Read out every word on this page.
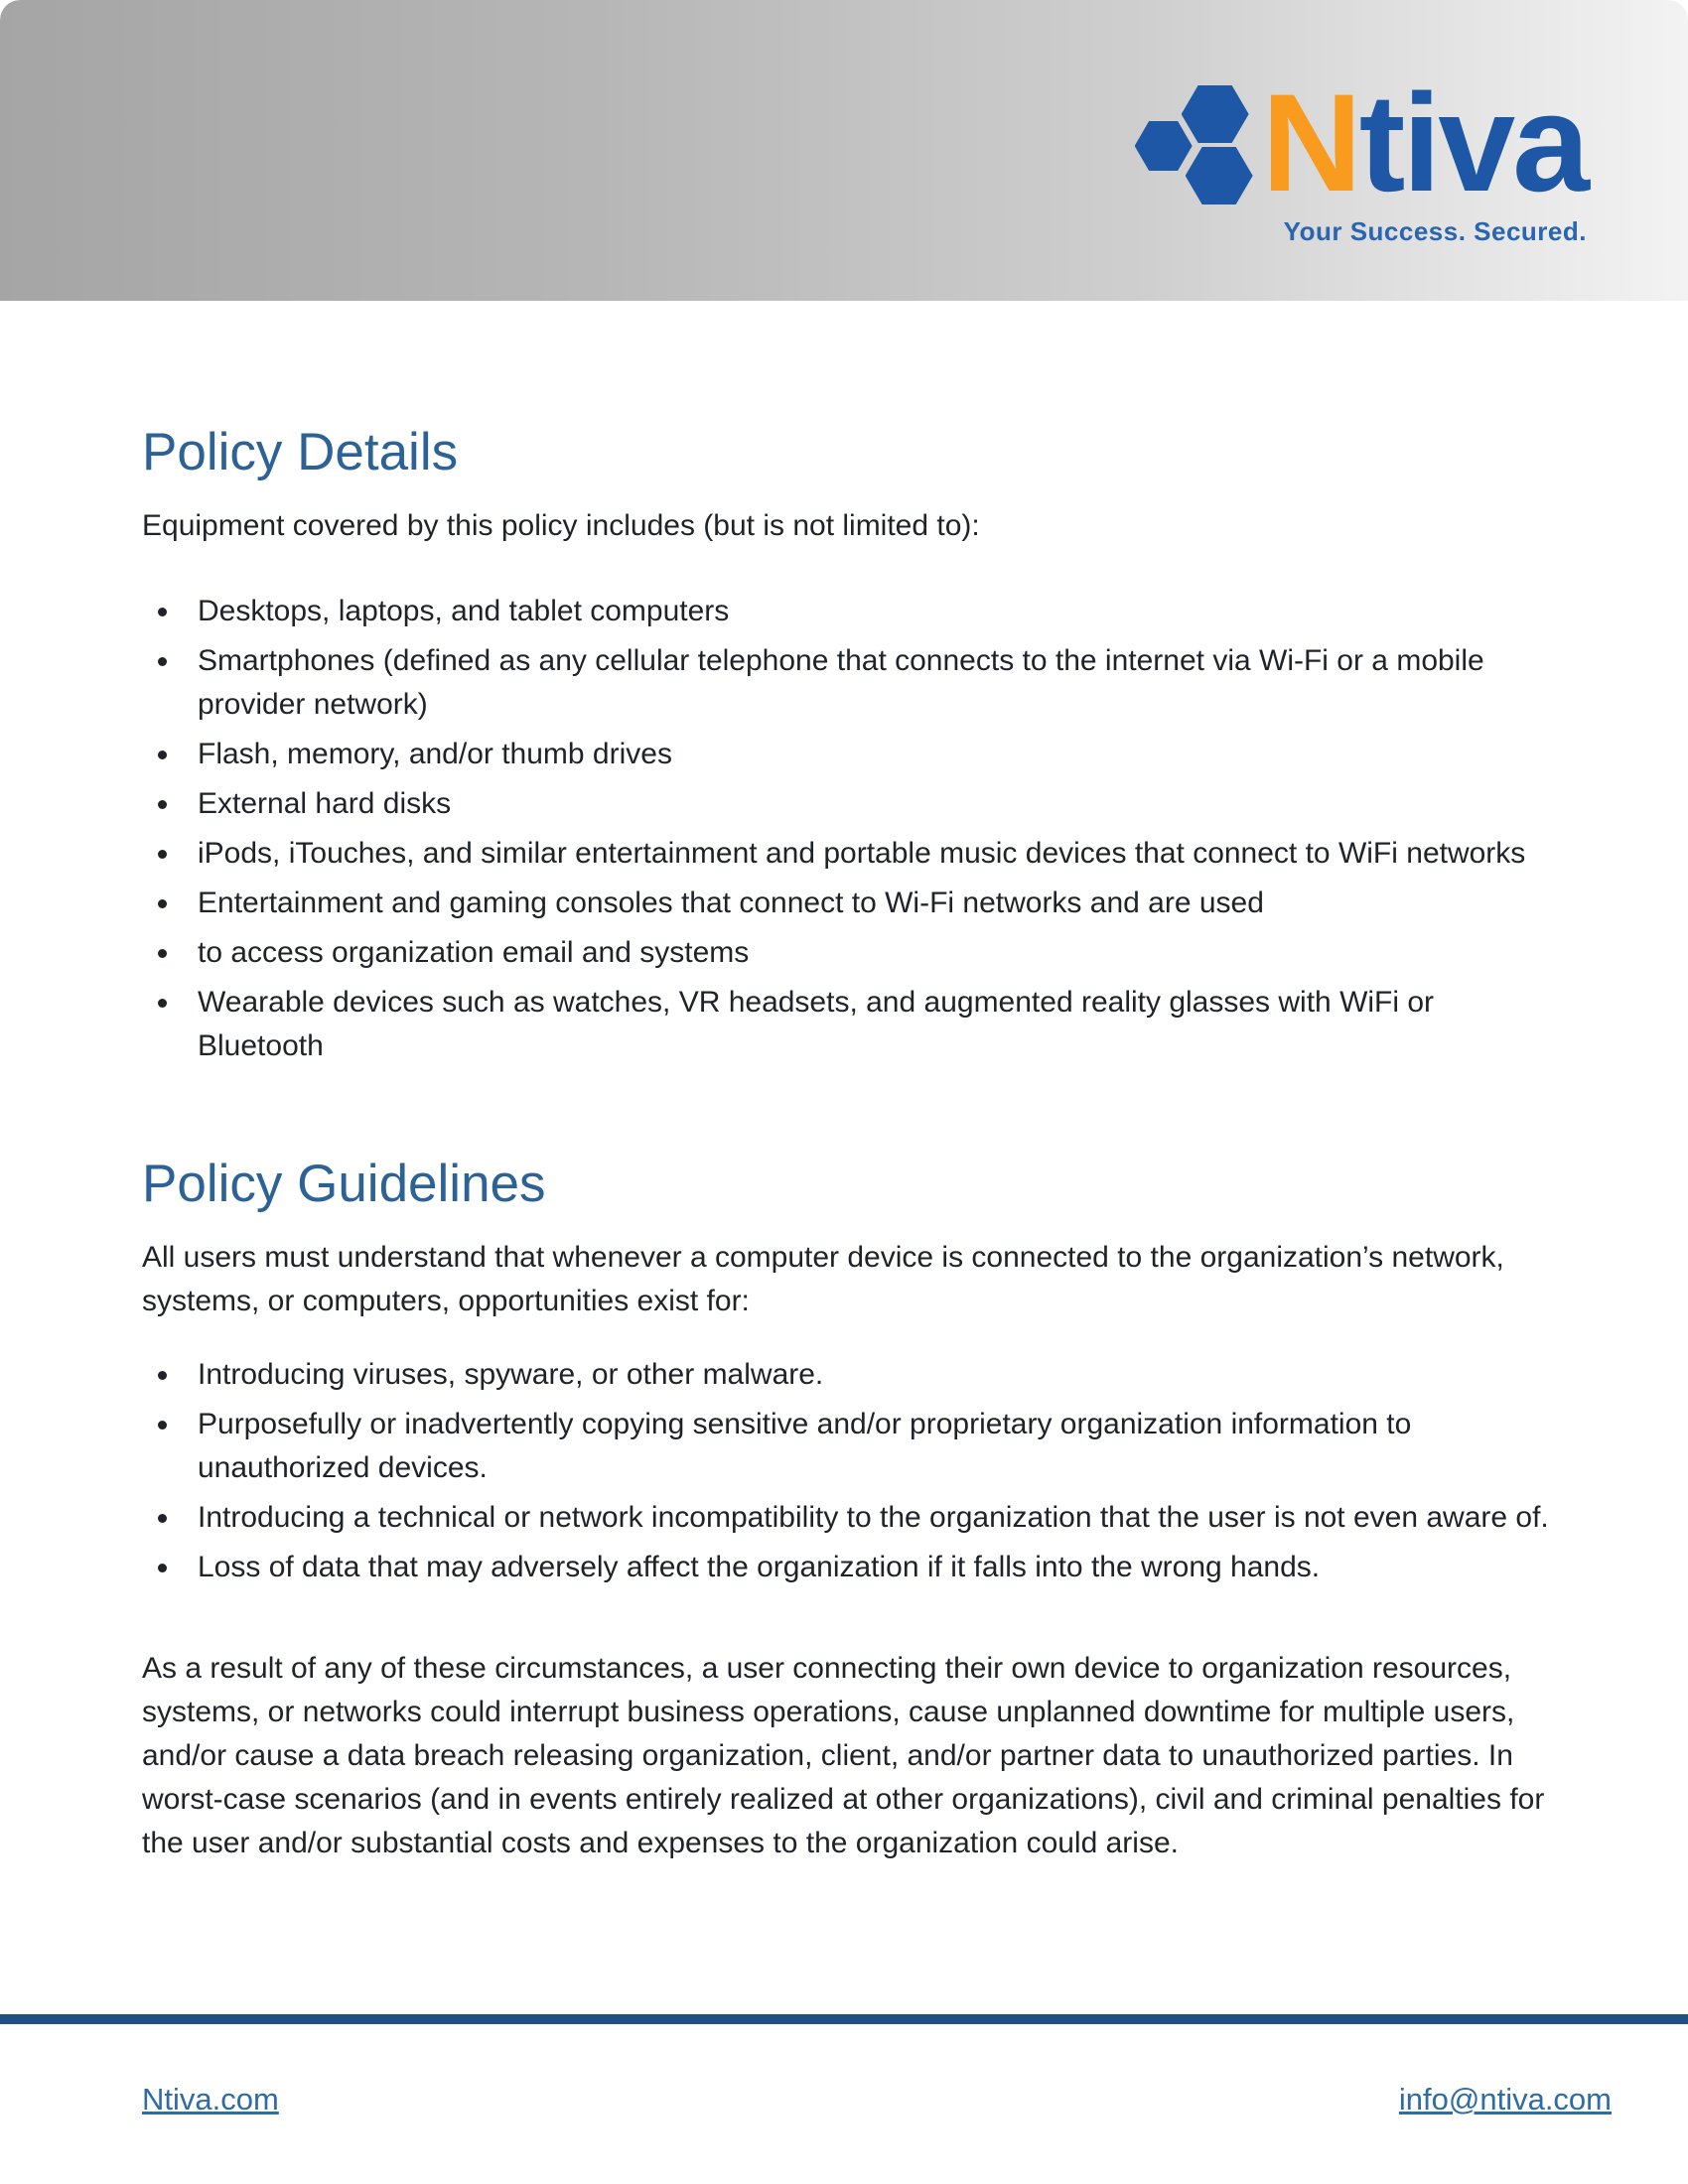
Ntiva
Your Success. Secured.
Policy Details

Equipment covered by this policy includes (but is not limited to):

• Desktops, laptops, and tablet computers
• Smartphones (defined as any cellular telephone that connects to the internet via Wi-Fi or a mobile provider network)
• Flash, memory, and/or thumb drives
• External hard disks
• iPods, iTouches, and similar entertainment and portable music devices that connect to WiFi networks
• Entertainment and gaming consoles that connect to Wi-Fi networks and are used
• to access organization email and systems
• Wearable devices such as watches, VR headsets, and augmented reality glasses with WiFi or Bluetooth
Policy Guidelines

All users must understand that whenever a computer device is connected to the organization’s network, systems, or computers, opportunities exist for:

• Introducing viruses, spyware, or other malware.
• Purposefully or inadvertently copying sensitive and/or proprietary organization information to unauthorized devices.
• Introducing a technical or network incompatibility to the organization that the user is not even aware of.
• Loss of data that may adversely affect the organization if it falls into the wrong hands.

As a result of any of these circumstances, a user connecting their own device to organization resources, systems, or networks could interrupt business operations, cause unplanned downtime for multiple users, and/or cause a data breach releasing organization, client, and/or partner data to unauthorized parties. In worst-case scenarios (and in events entirely realized at other organizations), civil and criminal penalties for the user and/or substantial costs and expenses to the organization could arise.

Ntiva.com	info@ntiva.com
